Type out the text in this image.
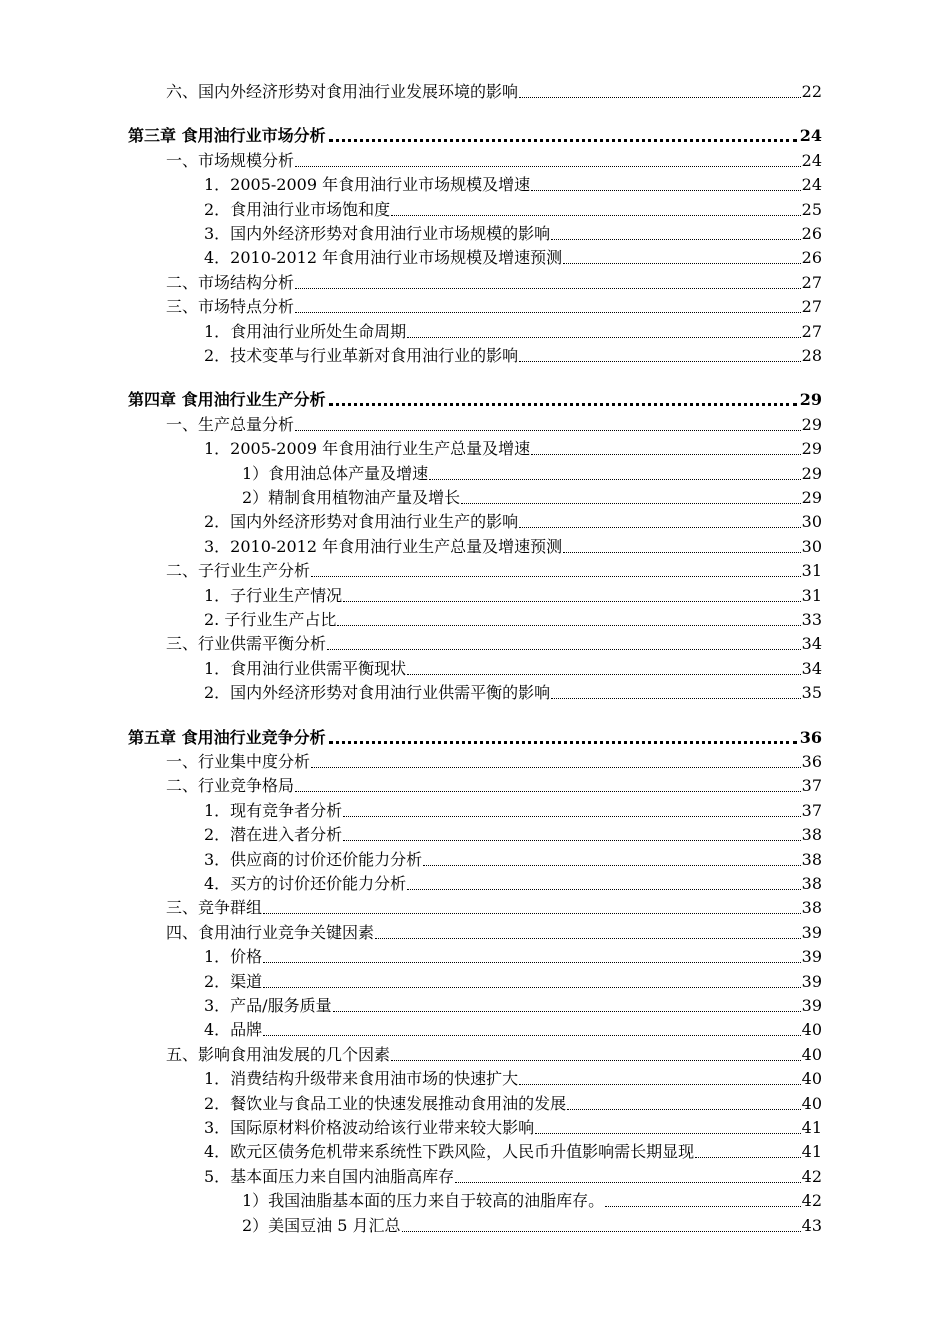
六、国内外经济形势对食用油行业发展环境的影响	22
第三章 食用油行业市场分析	24
一、市场规模分析	24
1．2005-2009 年食用油行业市场规模及增速	24
2．食用油行业市场饱和度	25
3．国内外经济形势对食用油行业市场规模的影响	26
4．2010-2012 年食用油行业市场规模及增速预测	26
二、市场结构分析	27
三、市场特点分析	27
1．食用油行业所处生命周期	27
2．技术变革与行业革新对食用油行业的影响	28
第四章 食用油行业生产分析	29
一、生产总量分析	29
1．2005-2009 年食用油行业生产总量及增速	29
1）食用油总体产量及增速	29
2）精制食用植物油产量及增长	29
2．国内外经济形势对食用油行业生产的影响	30
3．2010-2012 年食用油行业生产总量及增速预测	30
二、子行业生产分析	31
1．子行业生产情况	31
2. 子行业生产占比	33
三、行业供需平衡分析	34
1．食用油行业供需平衡现状	34
2．国内外经济形势对食用油行业供需平衡的影响	35
第五章 食用油行业竞争分析	36
一、行业集中度分析	36
二、行业竞争格局	37
1．现有竞争者分析	37
2．潜在进入者分析	38
3．供应商的讨价还价能力分析	38
4．买方的讨价还价能力分析	38
三、竞争群组	38
四、食用油行业竞争关键因素	39
1．价格	39
2．渠道	39
3．产品/服务质量	39
4．品牌	40
五、影响食用油发展的几个因素	40
1．消费结构升级带来食用油市场的快速扩大	40
2．餐饮业与食品工业的快速发展推动食用油的发展	40
3．国际原材料价格波动给该行业带来较大影响	41
4．欧元区债务危机带来系统性下跌风险，人民币升值影响需长期显现	41
5．基本面压力来自国内油脂高库存	42
1）我国油脂基本面的压力来自于较高的油脂库存。	42
2）美国豆油 5 月汇总	43
